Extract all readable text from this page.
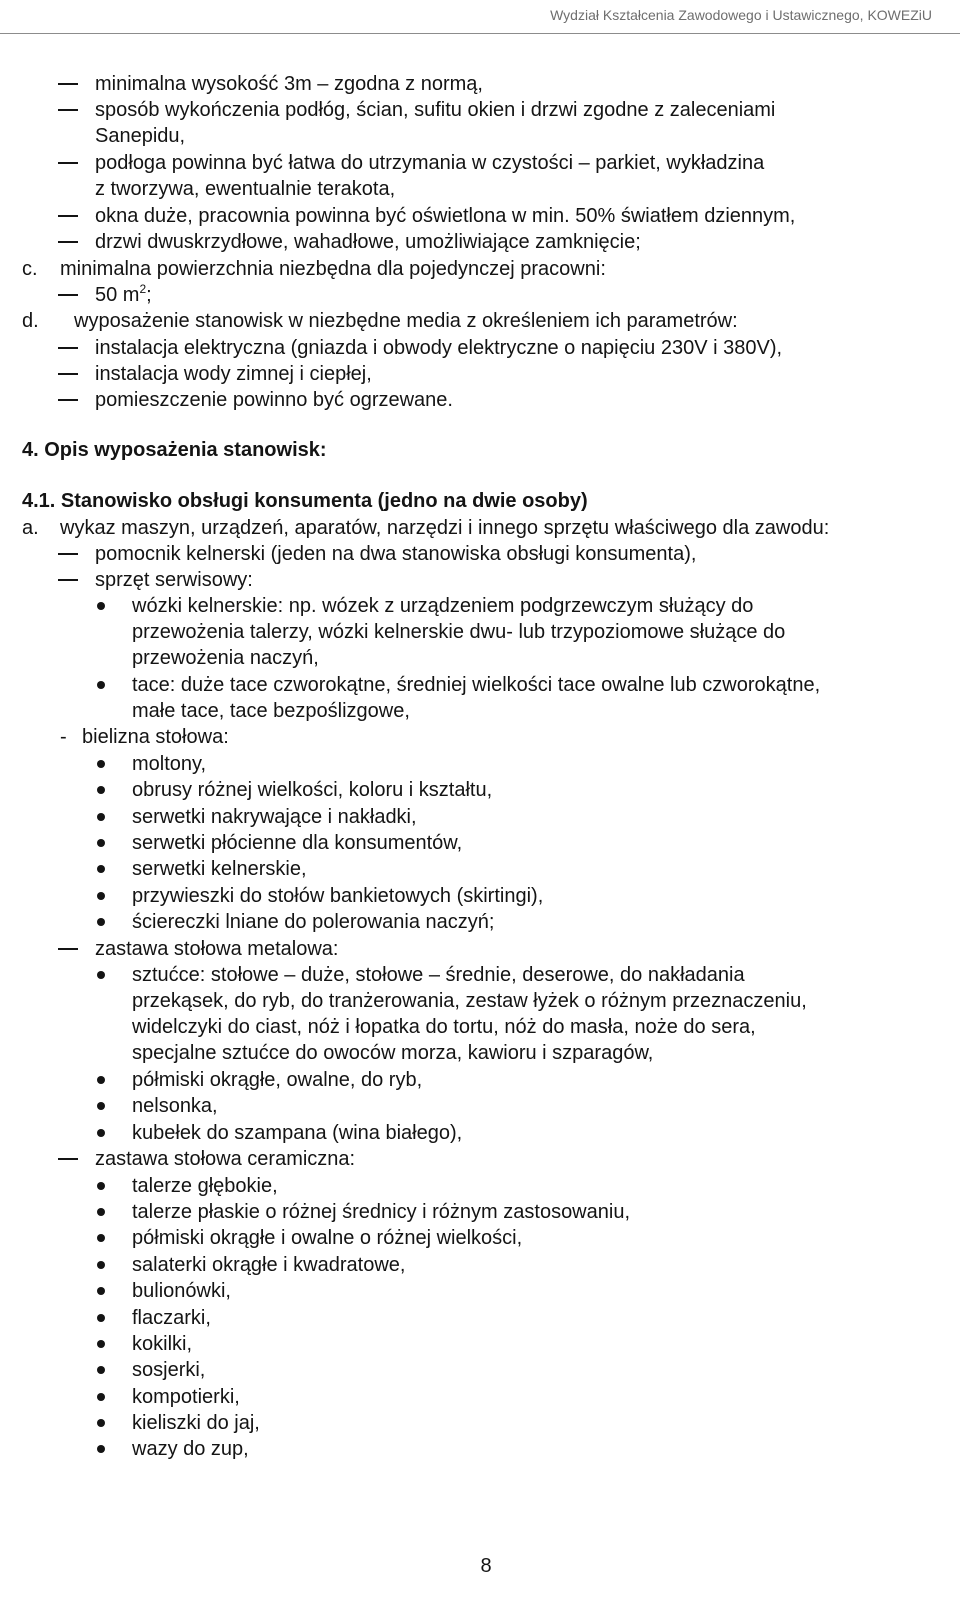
Wydział Kształcenia Zawodowego i Ustawicznego, KOWEZiU
minimalna wysokość 3m – zgodna z normą,
sposób wykończenia podłóg, ścian, sufitu okien i drzwi zgodne z zaleceniami
Sanepidu,
podłoga powinna być łatwa do utrzymania w czystości – parkiet, wykładzina
z tworzywa, ewentualnie terakota,
okna duże, pracownia powinna być oświetlona w min. 50% światłem dziennym,
drzwi dwuskrzydłowe, wahadłowe, umożliwiające zamknięcie;
c. minimalna powierzchnia niezbędna dla pojedynczej pracowni:
50 $m^2$;
d. wyposażenie stanowisk w niezbędne media z określeniem ich parametrów:
instalacja elektryczna (gniazda i obwody elektryczne o napięciu 230V i 380V),
instalacja wody zimnej i ciepłej,
pomieszczenie powinno być ogrzewane.
4. Opis wyposażenia stanowisk:
4.1. Stanowisko obsługi konsumenta (jedno na dwie osoby)
a. wykaz maszyn, urządzeń, aparatów, narzędzi i innego sprzętu właściwego dla zawodu:
pomocnik kelnerski (jeden na dwa stanowiska obsługi konsumenta),
sprzęt serwisowy:
wózki kelnerskie: np. wózek z urządzeniem podgrzewczym służący do
przewożenia talerzy, wózki kelnerskie dwu- lub trzypoziomowe służące do
przewożenia naczyń,
tace: duże tace czworokątne, średniej wielkości tace owalne lub czworokątne,
małe tace, tace bezpoślizgowe,
- bielizna stołowa:
moltony,
obrusy różnej wielkości, koloru i kształtu,
serwetki nakrywające i nakładki,
serwetki płócienne dla konsumentów,
serwetki kelnerskie,
przywieszki do stołów bankietowych (skirtingi),
ściereczki lniane do polerowania naczyń;
zastawa stołowa metalowa:
sztućce: stołowe – duże, stołowe – średnie, deserowe, do nakładania
przekąsek, do ryb, do tranżerowania, zestaw łyżek o różnym przeznaczeniu,
widelczyki do ciast, nóż i łopatka do tortu, nóż do masła, noże do sera,
specjalne sztućce do owoców morza, kawioru i szparagów,
półmiski okrągłe, owalne, do ryb,
nelsonka,
kubełek do szampana (wina białego),
zastawa stołowa ceramiczna:
talerze głębokie,
talerze płaskie o różnej średnicy i różnym zastosowaniu,
półmiski okrągłe i owalne o różnej wielkości,
salaterki okrągłe i kwadratowe,
bulionówki,
flaczarki,
kokilki,
sosjerki,
kompotierki,
kieliszki do jaj,
wazy do zup,
8
